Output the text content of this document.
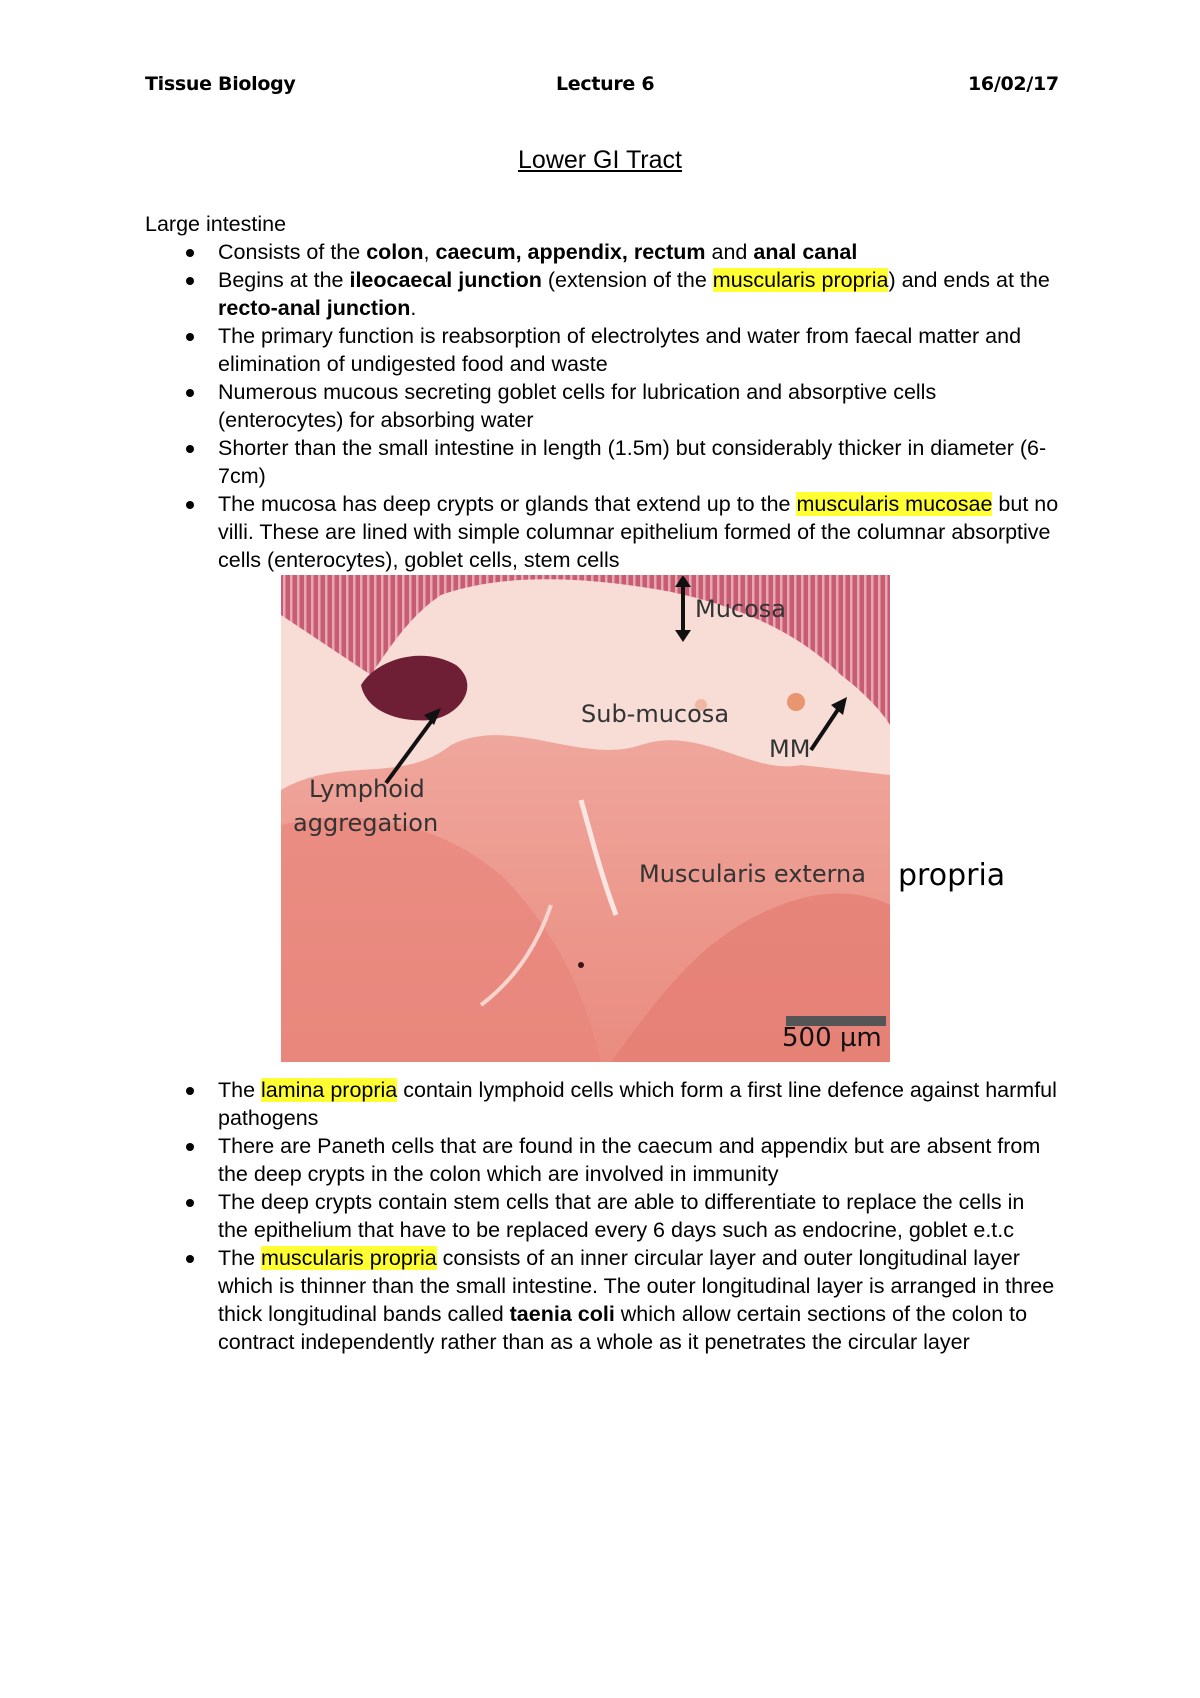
Tissue Biology	Lecture 6	16/02/17
Lower GI Tract
Large intestine
Consists of the colon, caecum, appendix, rectum and anal canal
Begins at the ileocaecal junction (extension of the muscularis propria) and ends at the recto-anal junction.
The primary function is reabsorption of electrolytes and water from faecal matter and elimination of undigested food and waste
Numerous mucous secreting goblet cells for lubrication and absorptive cells (enterocytes) for absorbing water
Shorter than the small intestine in length (1.5m) but considerably thicker in diameter (6-7cm)
The mucosa has deep crypts or glands that extend up to the muscularis mucosae but no villi. These are lined with simple columnar epithelium formed of the columnar absorptive cells (enterocytes), goblet cells, stem cells
Mucosa
Sub-mucosa
MM
Lymphoid
aggregation
Muscularis externa
500 µm
propria
The lamina propria contain lymphoid cells which form a first line defence against harmful pathogens
There are Paneth cells that are found in the caecum and appendix but are absent from the deep crypts in the colon which are involved in immunity
The deep crypts contain stem cells that are able to differentiate to replace the cells in the epithelium that have to be replaced every 6 days such as endocrine, goblet e.t.c
The muscularis propria consists of an inner circular layer and outer longitudinal layer which is thinner than the small intestine. The outer longitudinal layer is arranged in three thick longitudinal bands called taenia coli which allow certain sections of the colon to contract independently rather than as a whole as it penetrates the circular layer
